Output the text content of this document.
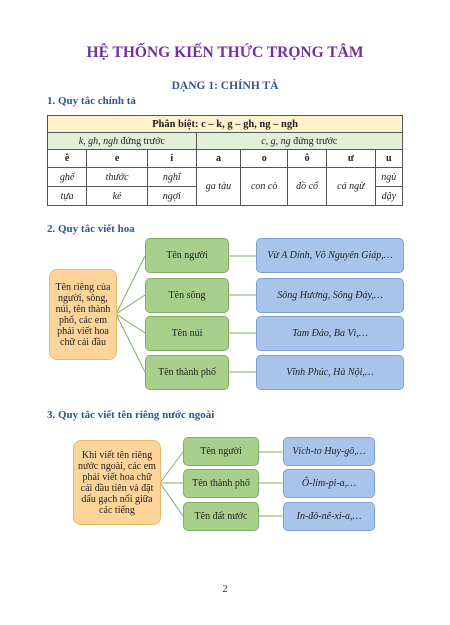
HỆ THỐNG KIẾN THỨC TRỌNG TÂM
DẠNG 1: CHÍNH TẢ
1. Quy tắc chính tả
Phân biệt: c – k, g – gh, ng – ngh							
k, gh, ngh đứng trước			c, g, ng đứng trước				
ê	e	i	a	o	ô	ư	u
ghế	thước	nghĩ	ga tàu	con cò	đồ cổ	cá ngừ	ngủ
tựa	kẻ	ngợi					dậy
2. Quy tắc viết hoa
Tên riêng của người, sông, núi, tên thành phố, các em phải viết hoa chữ cái đầu
Tên người
Tên sông
Tên núi
Tên thành phố
Vừ A Dính, Võ Nguyên Giáp,…
Sông Hương, Sông Đáy,…
Tam Đảo, Ba Vì,…
Vĩnh Phúc, Hà Nội,…
3. Quy tắc viết tên riêng nước ngoài
Khi viết tên riêng nước ngoài, các em phải viết hoa chữ cái đầu tiên và đặt dấu gạch nối giữa các tiếng
Tên người
Tên thành phố
Tên đất nước
Vích-to Huy-gô,…
Ô-lim-pi-a,…
In-đô-nê-xi-a,…
2
